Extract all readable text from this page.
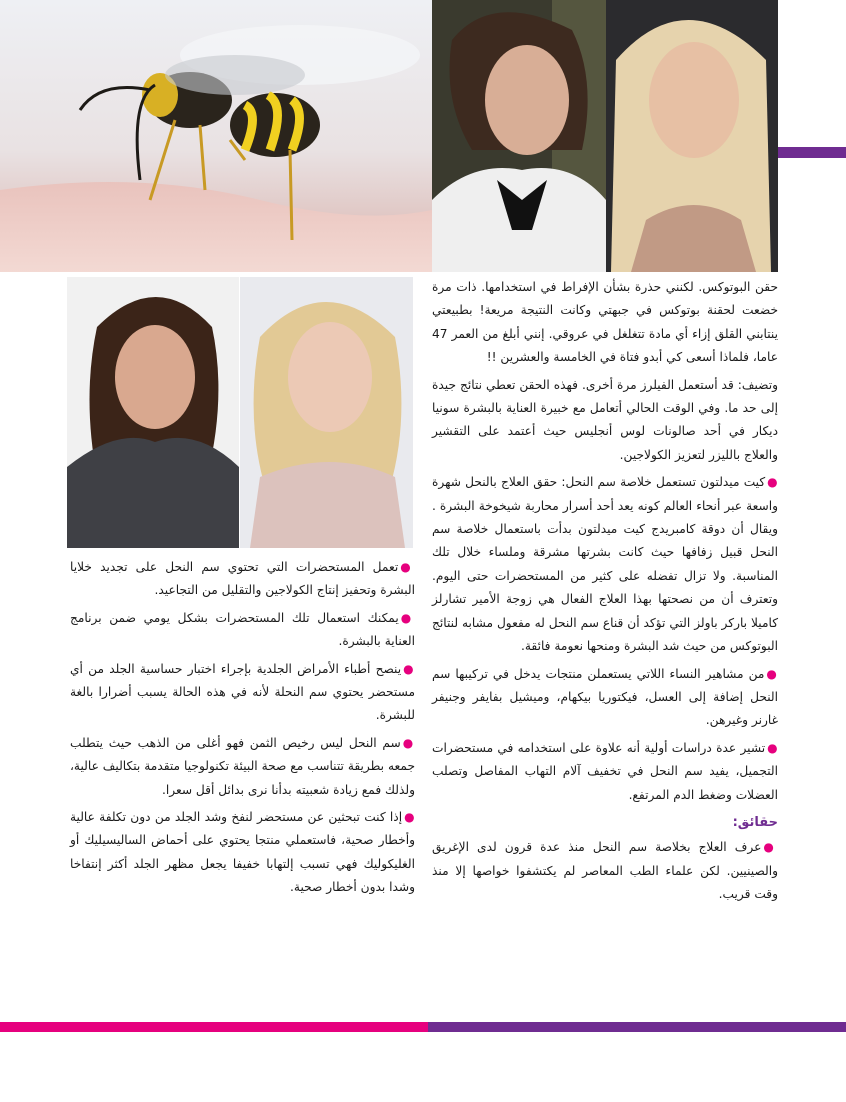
حقن البوتوكس. لكنني حذرة بشأن الإفراط في استخدامها. ذات مرة خضعت لحقنة بوتوكس في جبهتي وكانت النتيجة مريعة! بطبيعتي ينتابني القلق إزاء أي مادة تتغلغل في عروقي. إنني أبلغ من العمر 47 عاما، فلماذا أسعى كي أبدو فتاة في الخامسة والعشرين !!

وتضيف: قد أستعمل الفيلرز مرة أخرى. فهذه الحقن تعطي نتائج جيدة إلى حد ما. وفي الوقت الحالي أتعامل مع خبيرة العناية بالبشرة سونيا ديكار في أحد صالونات لوس أنجليس حيث أعتمد على التقشير والعلاج بالليزر لتعزيز الكولاجين.

●كيت ميدلتون تستعمل خلاصة سم النحل: حقق العلاج بالنحل شهرة واسعة عبر أنحاء العالم كونه يعد أحد أسرار محاربة شيخوخة البشرة . ويقال أن دوقة كامبريدج كيت ميدلتون بدأت باستعمال خلاصة سم النحل قبيل زفافها حيث كانت بشرتها مشرقة وملساء خلال تلك المناسبة. ولا تزال تفضله على كثير من المستحضرات حتى اليوم. وتعترف أن من نصحتها بهذا العلاج الفعال هي زوجة الأمير تشارلز كاميلا باركر باولز التي تؤكد أن قناع سم النحل له مفعول مشابه لنتائج البوتوكس من حيث شد البشرة ومنحها نعومة فائقة.

●من مشاهير النساء اللاتي يستعملن منتجات يدخل في تركيبها سم النحل إضافة إلى العسل، فيكتوريا بيكهام، وميشيل بفايفر وجنيفر غارنر وغيرهن.

●تشير عدة دراسات أولية أنه علاوة على استخدامه في مستحضرات التجميل، يفيد سم النحل في تخفيف آلام التهاب المفاصل وتصلب العضلات وضغط الدم المرتفع.

حقائق:

●عرف العلاج بخلاصة سم النحل منذ عدة قرون لدى الإغريق والصينيين. لكن علماء الطب المعاصر لم يكتشفوا خواصها إلا منذ وقت قريب.

●تعمل المستحضرات التي تحتوي سم النحل على تجديد خلايا البشرة وتحفيز إنتاج الكولاجين والتقليل من التجاعيد.

●يمكنك استعمال تلك المستحضرات بشكل يومي ضمن برنامج العناية بالبشرة.

●ينصح أطباء الأمراض الجلدية بإجراء اختبار حساسية الجلد من أي مستحضر يحتوي سم النحلة لأنه في هذه الحالة يسبب أضرارا بالغة للبشرة.

●سم النحل ليس رخيص الثمن فهو أغلى من الذهب حيث يتطلب جمعه بطريقة تتناسب مع صحة البيئة تكنولوجيا متقدمة بتكاليف عالية، ولذلك فمع زيادة شعبيته بدأنا نرى بدائل أقل سعرا.

●إذا كنت تبحثين عن مستحضر لنفخ وشد الجلد من دون تكلفة عالية وأخطار صحية، فاستعملي منتجا يحتوي على أحماض الساليسيليك أو الغليكوليك فهي تسبب إلتهابا خفيفا يجعل مظهر الجلد أكثر إنتفاخا وشدا بدون أخطار صحية.
